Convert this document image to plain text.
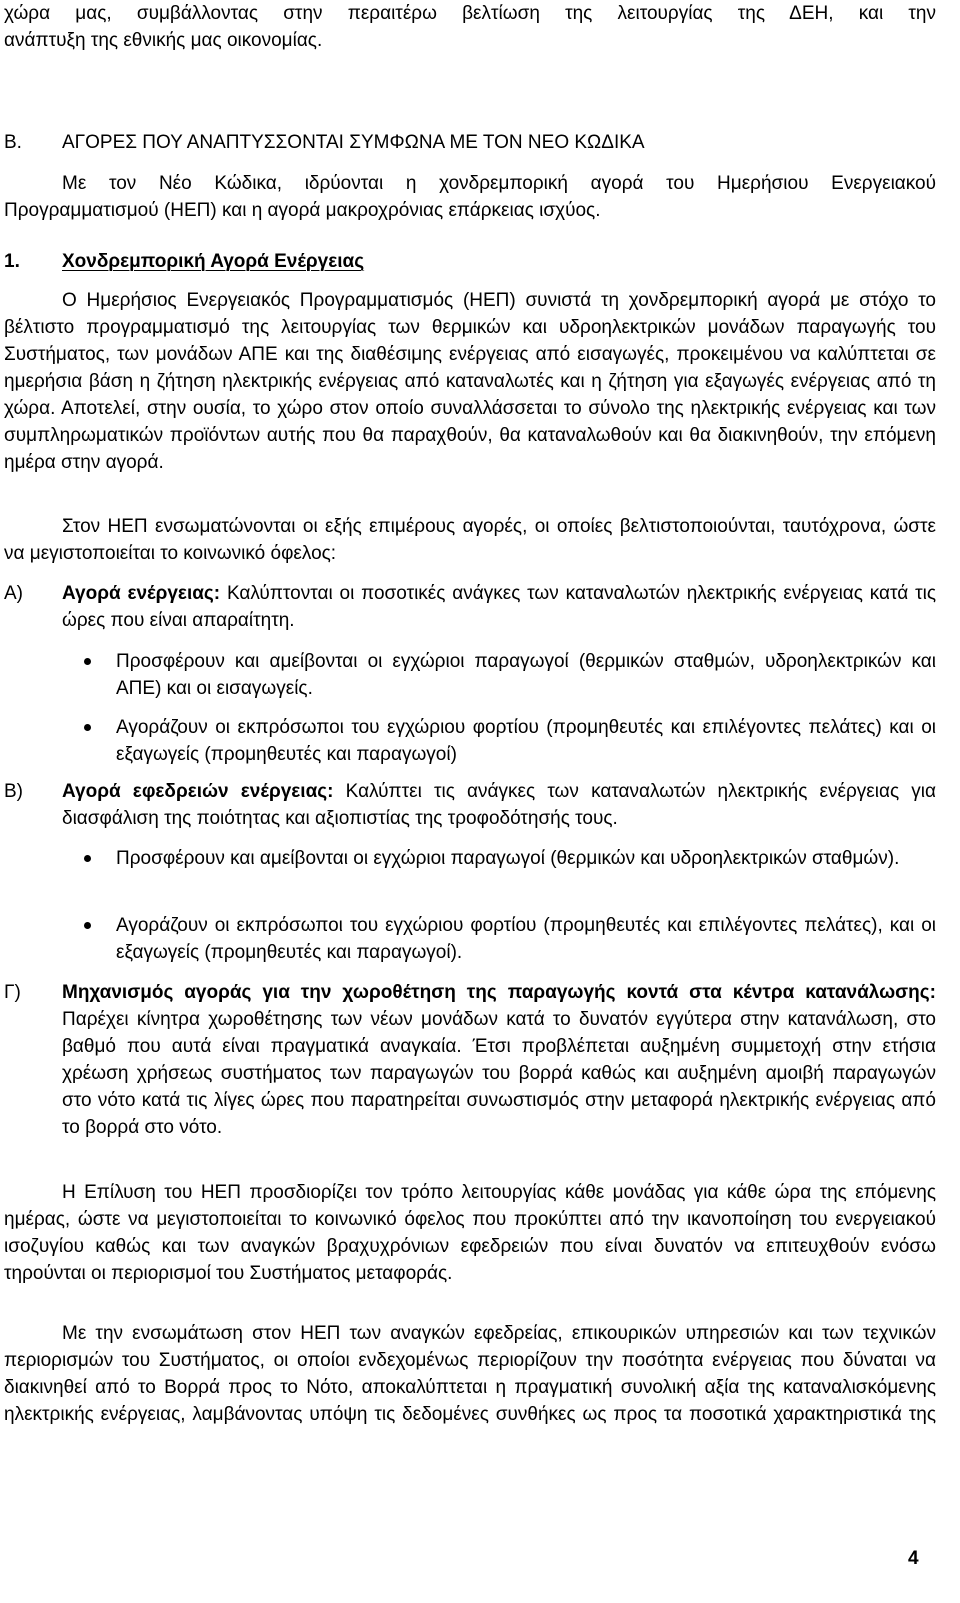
χώρα μας, συμβάλλοντας στην περαιτέρω βελτίωση της λειτουργίας της ΔΕΗ, και την
ανάπτυξη της εθνικής μας οικονομίας.
Β. ΑΓΟΡΕΣ ΠΟΥ ΑΝΑΠΤΥΣΣΟΝΤΑΙ ΣΥΜΦΩΝΑ ΜΕ ΤΟΝ ΝΕΟ ΚΩΔΙΚΑ
Με τον Νέο Κώδικα, ιδρύονται η χονδρεμπορική αγορά του Ημερήσιου Ενεργειακού
Προγραμματισμού (ΗΕΠ) και η αγορά μακροχρόνιας επάρκειας ισχύος.
1. Χονδρεμπορική Αγορά Ενέργειας
Ο Ημερήσιος Ενεργειακός Προγραμματισμός (ΗΕΠ) συνιστά τη χονδρεμπορική αγορά με στόχο το βέλτιστο προγραμματισμό της λειτουργίας των θερμικών και υδροηλεκτρικών μονάδων παραγωγής του Συστήματος, των μονάδων ΑΠΕ και της διαθέσιμης ενέργειας από εισαγωγές, προκειμένου να καλύπτεται σε ημερήσια βάση η ζήτηση ηλεκτρικής ενέργειας από καταναλωτές και η ζήτηση για εξαγωγές ενέργειας από τη χώρα. Αποτελεί, στην ουσία, το χώρο στον οποίο συναλλάσσεται το σύνολο της ηλεκτρικής ενέργειας και των συμπληρωματικών προϊόντων αυτής που θα παραχθούν, θα καταναλωθούν και θα διακινηθούν, την επόμενη ημέρα στην αγορά.
Στον ΗΕΠ ενσωματώνονται οι εξής επιμέρους αγορές, οι οποίες βελτιστοποιούνται, ταυτόχρονα, ώστε να μεγιστοποιείται το κοινωνικό όφελος:
Α) Αγορά ενέργειας: Καλύπτονται οι ποσοτικές ανάγκες των καταναλωτών ηλεκτρικής ενέργειας κατά τις ώρες που είναι απαραίτητη.
Προσφέρουν και αμείβονται οι εγχώριοι παραγωγοί (θερμικών σταθμών, υδροηλεκτρικών και ΑΠΕ) και οι εισαγωγείς.
Αγοράζουν οι εκπρόσωποι του εγχώριου φορτίου (προμηθευτές και επιλέγοντες πελάτες) και οι εξαγωγείς (προμηθευτές και παραγωγοί)
Β) Αγορά εφεδρειών ενέργειας: Καλύπτει τις ανάγκες των καταναλωτών ηλεκτρικής ενέργειας για διασφάλιση της ποιότητας και αξιοπιστίας της τροφοδότησής τους.
Προσφέρουν και αμείβονται οι εγχώριοι παραγωγοί (θερμικών και υδροηλεκτρικών σταθμών).
Αγοράζουν οι εκπρόσωποι του εγχώριου φορτίου (προμηθευτές και επιλέγοντες πελάτες), και οι εξαγωγείς (προμηθευτές και παραγωγοί).
Γ) Μηχανισμός αγοράς για την χωροθέτηση της παραγωγής κοντά στα κέντρα κατανάλωσης: Παρέχει κίνητρα χωροθέτησης των νέων μονάδων κατά το δυνατόν εγγύτερα στην κατανάλωση, στο βαθμό που αυτά είναι πραγματικά αναγκαία. Έτσι προβλέπεται αυξημένη συμμετοχή στην ετήσια χρέωση χρήσεως συστήματος των παραγωγών του βορρά καθώς και αυξημένη αμοιβή παραγωγών στο νότο κατά τις λίγες ώρες που παρατηρείται συνωστισμός στην μεταφορά ηλεκτρικής ενέργειας από το βορρά στο νότο.
Η Επίλυση του ΗΕΠ προσδιορίζει τον τρόπο λειτουργίας κάθε μονάδας για κάθε ώρα της επόμενης ημέρας, ώστε να μεγιστοποιείται το κοινωνικό όφελος που προκύπτει από την ικανοποίηση του ενεργειακού ισοζυγίου καθώς και των αναγκών βραχυχρόνιων εφεδρειών που είναι δυνατόν να επιτευχθούν ενόσω τηρούνται οι περιορισμοί του Συστήματος μεταφοράς.
Με την ενσωμάτωση στον ΗΕΠ των αναγκών εφεδρείας, επικουρικών υπηρεσιών και των τεχνικών περιορισμών του Συστήματος, οι οποίοι ενδεχομένως περιορίζουν την ποσότητα ενέργειας που δύναται να διακινηθεί από το Βορρά προς το Νότο, αποκαλύπτεται η πραγματική συνολική αξία της καταναλισκόμενης ηλεκτρικής ενέργειας, λαμβάνοντας υπόψη τις δεδομένες συνθήκες ως προς τα ποσοτικά χαρακτηριστικά της
4
